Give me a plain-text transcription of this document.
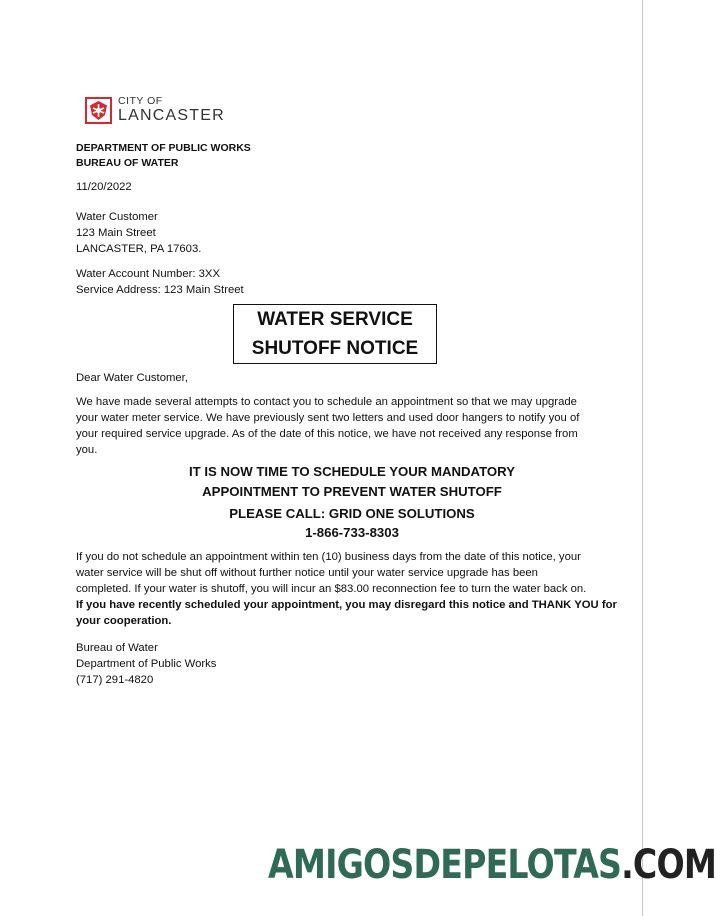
CITY OF
LANCASTER
DEPARTMENT OF PUBLIC WORKS
BUREAU OF WATER
11/20/2022
Water Customer
123 Main Street
LANCASTER, PA 17603.
Water Account Number: 3XX
Service Address: 123 Main Street
WATER SERVICE
SHUTOFF NOTICE
Dear Water Customer,
We have made several attempts to contact you to schedule an appointment so that we may upgrade
your water meter service. We have previously sent two letters and used door hangers to notify you of
your required service upgrade. As of the date of this notice, we have not received any response from
you.
IT IS NOW TIME TO SCHEDULE YOUR MANDATORY
APPOINTMENT TO PREVENT WATER SHUTOFF
PLEASE CALL: GRID ONE SOLUTIONS
1-866-733-8303
If you do not schedule an appointment within ten (10) business days from the date of this notice, your
water service will be shut off without further notice until your water service upgrade has been
completed. If your water is shutoff, you will incur an $83.00 reconnection fee to turn the water back on.
If you have recently scheduled your appointment, you may disregard this notice and THANK YOU for
your cooperation.
Bureau of Water
Department of Public Works
(717) 291-4820
AMIGOSDEPELOTAS.COM
